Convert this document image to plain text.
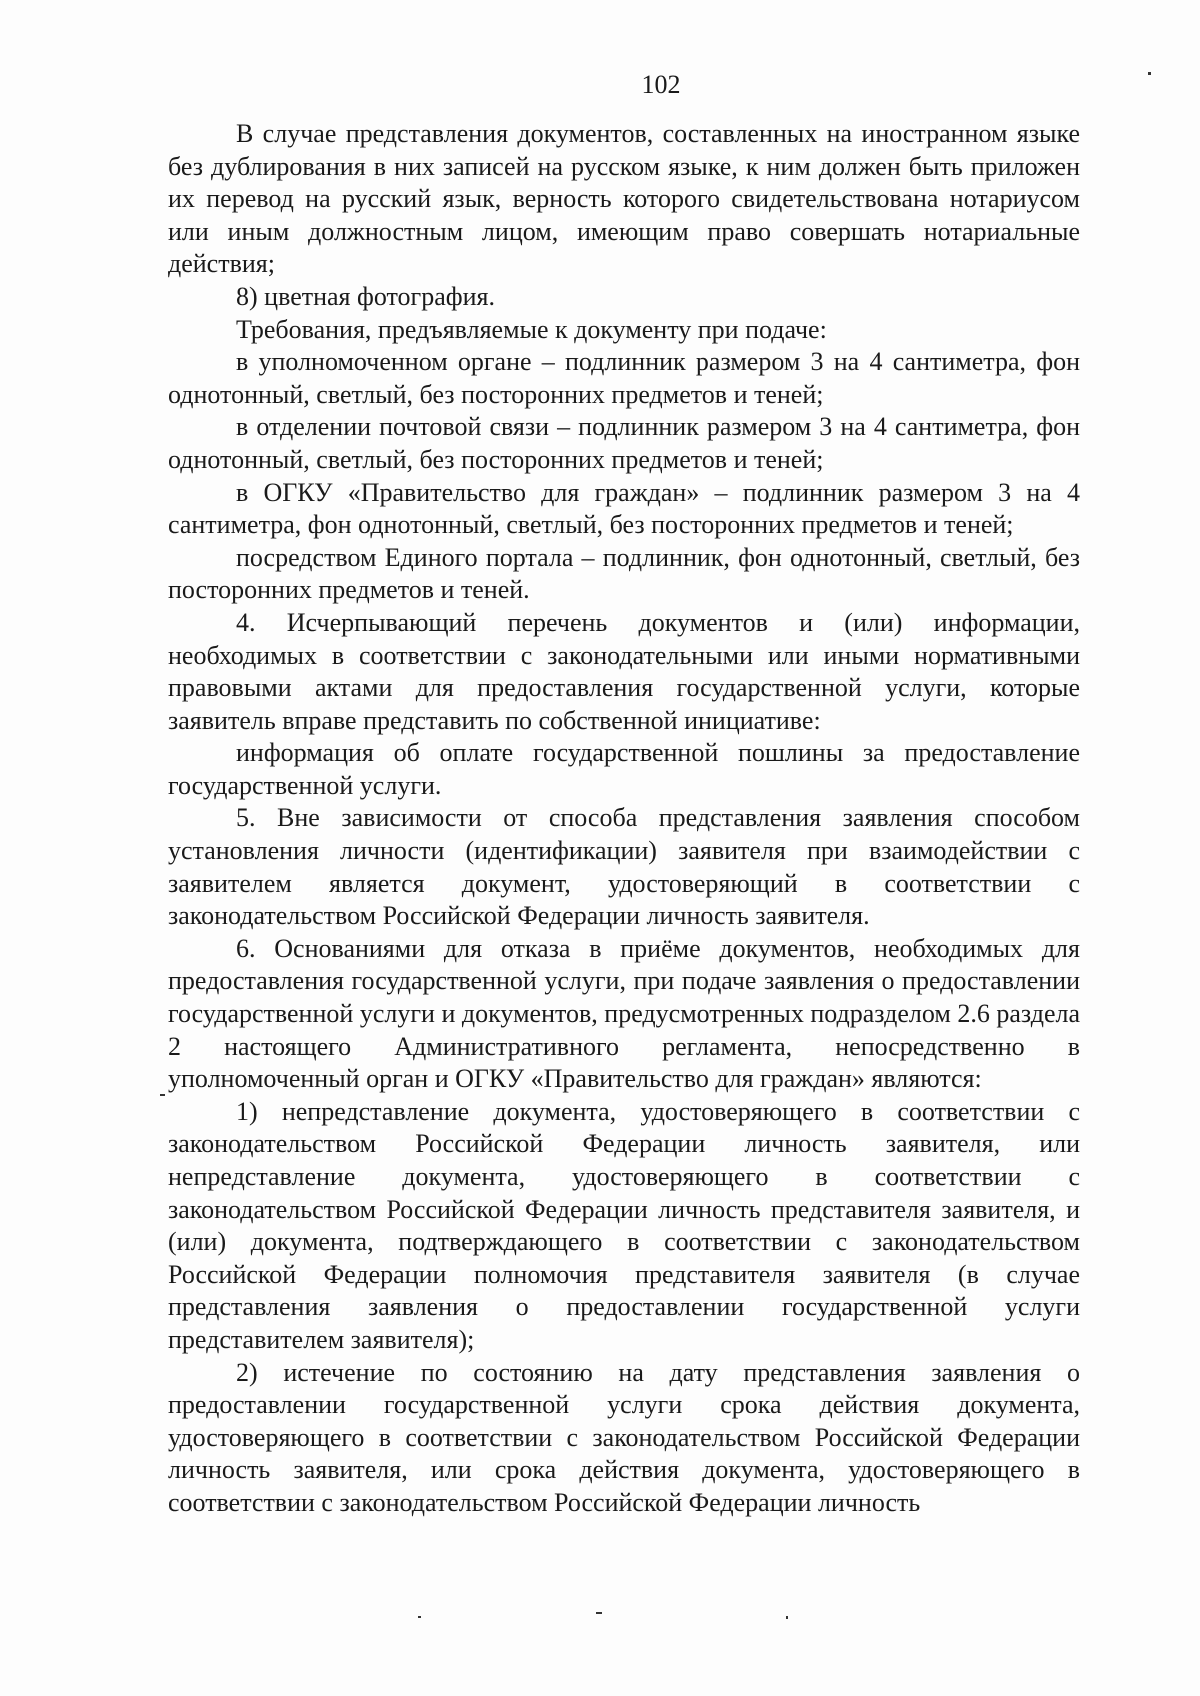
102

В случае представления документов, составленных на иностранном языке без дублирования в них записей на русском языке, к ним должен быть приложен их перевод на русский язык, верность которого свидетельствована нотариусом или иным должностным лицом, имеющим право совершать нотариальные действия;

8) цветная фотография.

Требования, предъявляемые к документу при подаче:

в уполномоченном органе – подлинник размером 3 на 4 сантиметра, фон однотонный, светлый, без посторонних предметов и теней;

в отделении почтовой связи – подлинник размером 3 на 4 сантиметра, фон однотонный, светлый, без посторонних предметов и теней;

в ОГКУ «Правительство для граждан» – подлинник размером 3 на 4 сантиметра, фон однотонный, светлый, без посторонних предметов и теней;

посредством Единого портала – подлинник, фон однотонный, светлый, без посторонних предметов и теней.

4. Исчерпывающий перечень документов и (или) информации, необходимых в соответствии с законодательными или иными нормативными правовыми актами для предоставления государственной услуги, которые заявитель вправе представить по собственной инициативе:

информация об оплате государственной пошлины за предоставление государственной услуги.

5. Вне зависимости от способа представления заявления способом установления личности (идентификации) заявителя при взаимодействии с заявителем является документ, удостоверяющий в соответствии с законодательством Российской Федерации личность заявителя.

6. Основаниями для отказа в приёме документов, необходимых для предоставления государственной услуги, при подаче заявления о предоставлении государственной услуги и документов, предусмотренных подразделом 2.6 раздела 2 настоящего Административного регламента, непосредственно в уполномоченный орган и ОГКУ «Правительство для граждан» являются:

1) непредставление документа, удостоверяющего в соответствии с законодательством Российской Федерации личность заявителя, или непредставление документа, удостоверяющего в соответствии с законодательством Российской Федерации личность представителя заявителя, и (или) документа, подтверждающего в соответствии с законодательством Российской Федерации полномочия представителя заявителя (в случае представления заявления о предоставлении государственной услуги представителем заявителя);

2) истечение по состоянию на дату представления заявления о предоставлении государственной услуги срока действия документа, удостоверяющего в соответствии с законодательством Российской Федерации личность заявителя, или срока действия документа, удостоверяющего в соответствии с законодательством Российской Федерации личность
